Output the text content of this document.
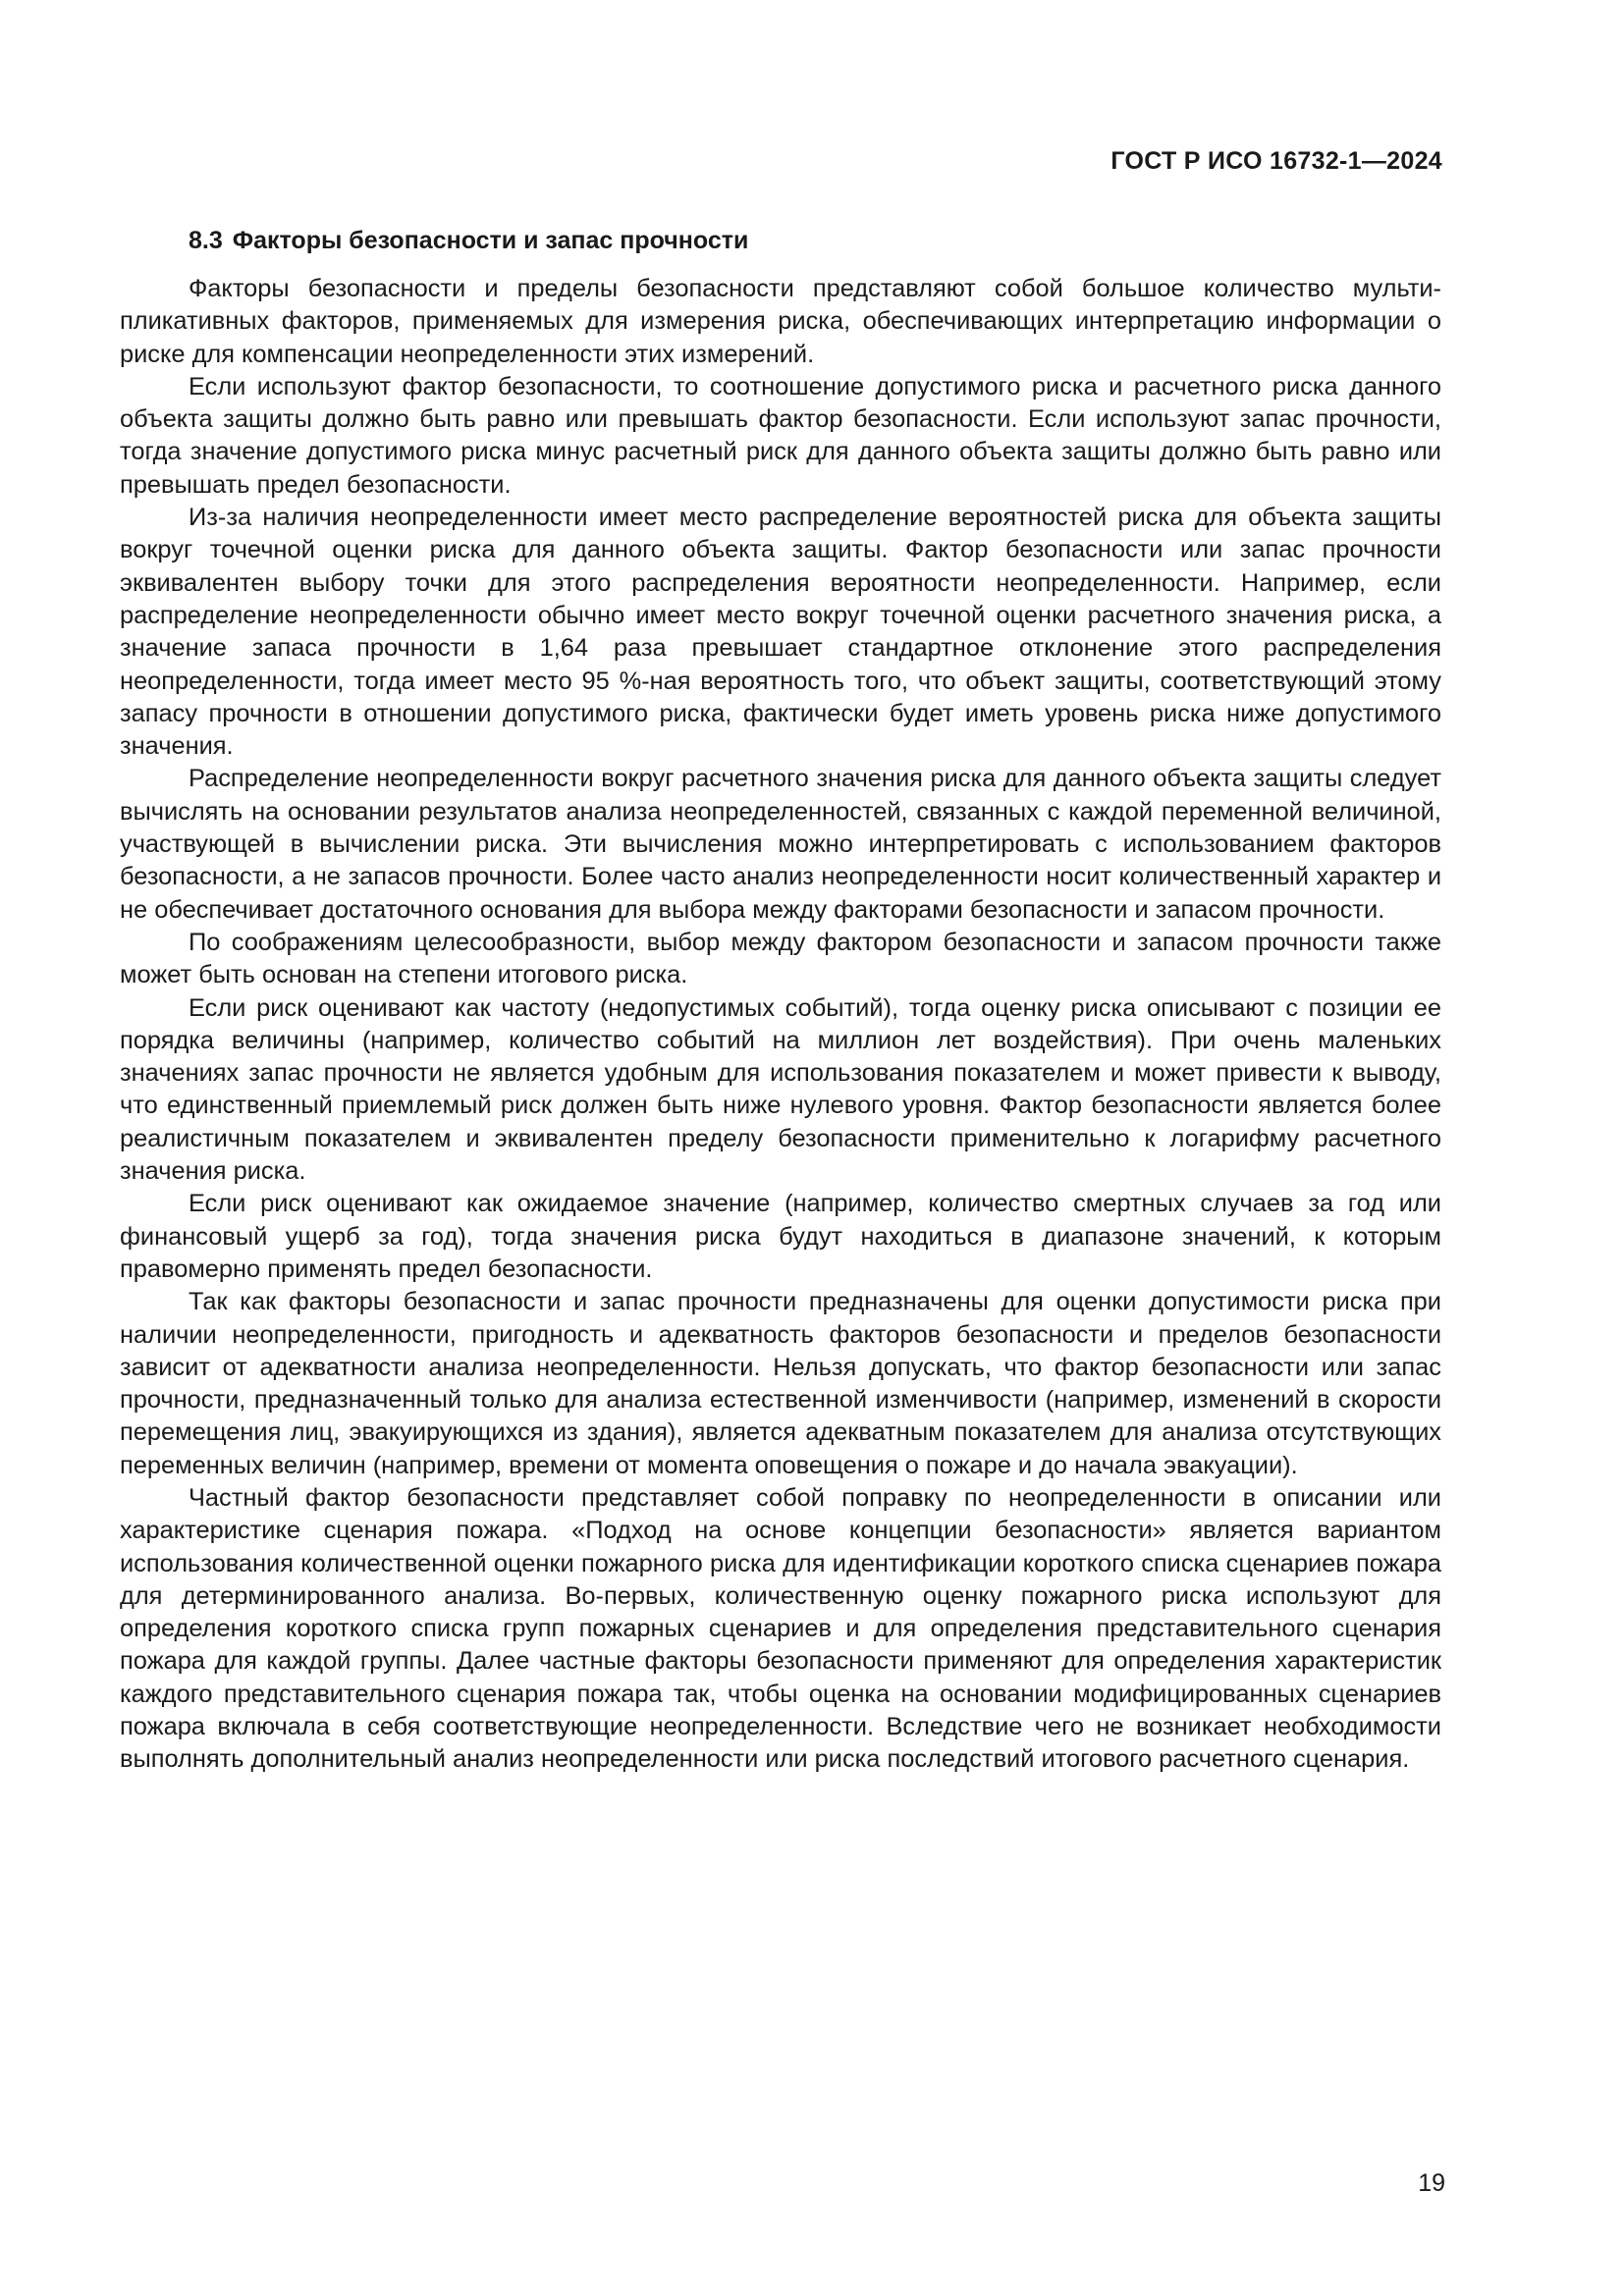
ГОСТ Р ИСО 16732-1—2024
8.3 Факторы безопасности и запас прочности

Факторы безопасности и пределы безопасности представляют собой большое количество мультипликативных факторов, применяемых для измерения риска, обеспечивающих интерпретацию информации о риске для компенсации неопределенности этих измерений.

Если используют фактор безопасности, то соотношение допустимого риска и расчетного риска данного объекта защиты должно быть равно или превышать фактор безопасности. Если используют запас прочности, тогда значение допустимого риска минус расчетный риск для данного объекта защиты должно быть равно или превышать предел безопасности.

Из-за наличия неопределенности имеет место распределение вероятностей риска для объекта защиты вокруг точечной оценки риска для данного объекта защиты. Фактор безопасности или запас прочности эквивалентен выбору точки для этого распределения вероятности неопределенности. Например, если распределение неопределенности обычно имеет место вокруг точечной оценки расчетного значения риска, а значение запаса прочности в 1,64 раза превышает стандартное отклонение этого распределения неопределенности, тогда имеет место 95 %-ная вероятность того, что объект защиты, соответствующий этому запасу прочности в отношении допустимого риска, фактически будет иметь уровень риска ниже допустимого значения.

Распределение неопределенности вокруг расчетного значения риска для данного объекта защиты следует вычислять на основании результатов анализа неопределенностей, связанных с каждой переменной величиной, участвующей в вычислении риска. Эти вычисления можно интерпретировать с использованием факторов безопасности, а не запасов прочности. Более часто анализ неопределенности носит количественный характер и не обеспечивает достаточного основания для выбора между факторами безопасности и запасом прочности.

По соображениям целесообразности, выбор между фактором безопасности и запасом прочности также может быть основан на степени итогового риска.

Если риск оценивают как частоту (недопустимых событий), тогда оценку риска описывают с позиции ее порядка величины (например, количество событий на миллион лет воздействия). При очень маленьких значениях запас прочности не является удобным для использования показателем и может привести к выводу, что единственный приемлемый риск должен быть ниже нулевого уровня. Фактор безопасности является более реалистичным показателем и эквивалентен пределу безопасности применительно к логарифму расчетного значения риска.

Если риск оценивают как ожидаемое значение (например, количество смертных случаев за год или финансовый ущерб за год), тогда значения риска будут находиться в диапазоне значений, к которым правомерно применять предел безопасности.

Так как факторы безопасности и запас прочности предназначены для оценки допустимости риска при наличии неопределенности, пригодность и адекватность факторов безопасности и пределов безопасности зависит от адекватности анализа неопределенности. Нельзя допускать, что фактор безопасности или запас прочности, предназначенный только для анализа естественной изменчивости (например, изменений в скорости перемещения лиц, эвакуирующихся из здания), является адекватным показателем для анализа отсутствующих переменных величин (например, времени от момента оповещения о пожаре и до начала эвакуации).

Частный фактор безопасности представляет собой поправку по неопределенности в описании или характеристике сценария пожара. «Подход на основе концепции безопасности» является вариантом использования количественной оценки пожарного риска для идентификации короткого списка сценариев пожара для детерминированного анализа. Во-первых, количественную оценку пожарного риска используют для определения короткого списка групп пожарных сценариев и для определения представительного сценария пожара для каждой группы. Далее частные факторы безопасности применяют для определения характеристик каждого представительного сценария пожара так, чтобы оценка на основании модифицированных сценариев пожара включала в себя соответствующие неопределенности. Вследствие чего не возникает необходимости выполнять дополнительный анализ неопределенности или риска последствий итогового расчетного сценария.

19
